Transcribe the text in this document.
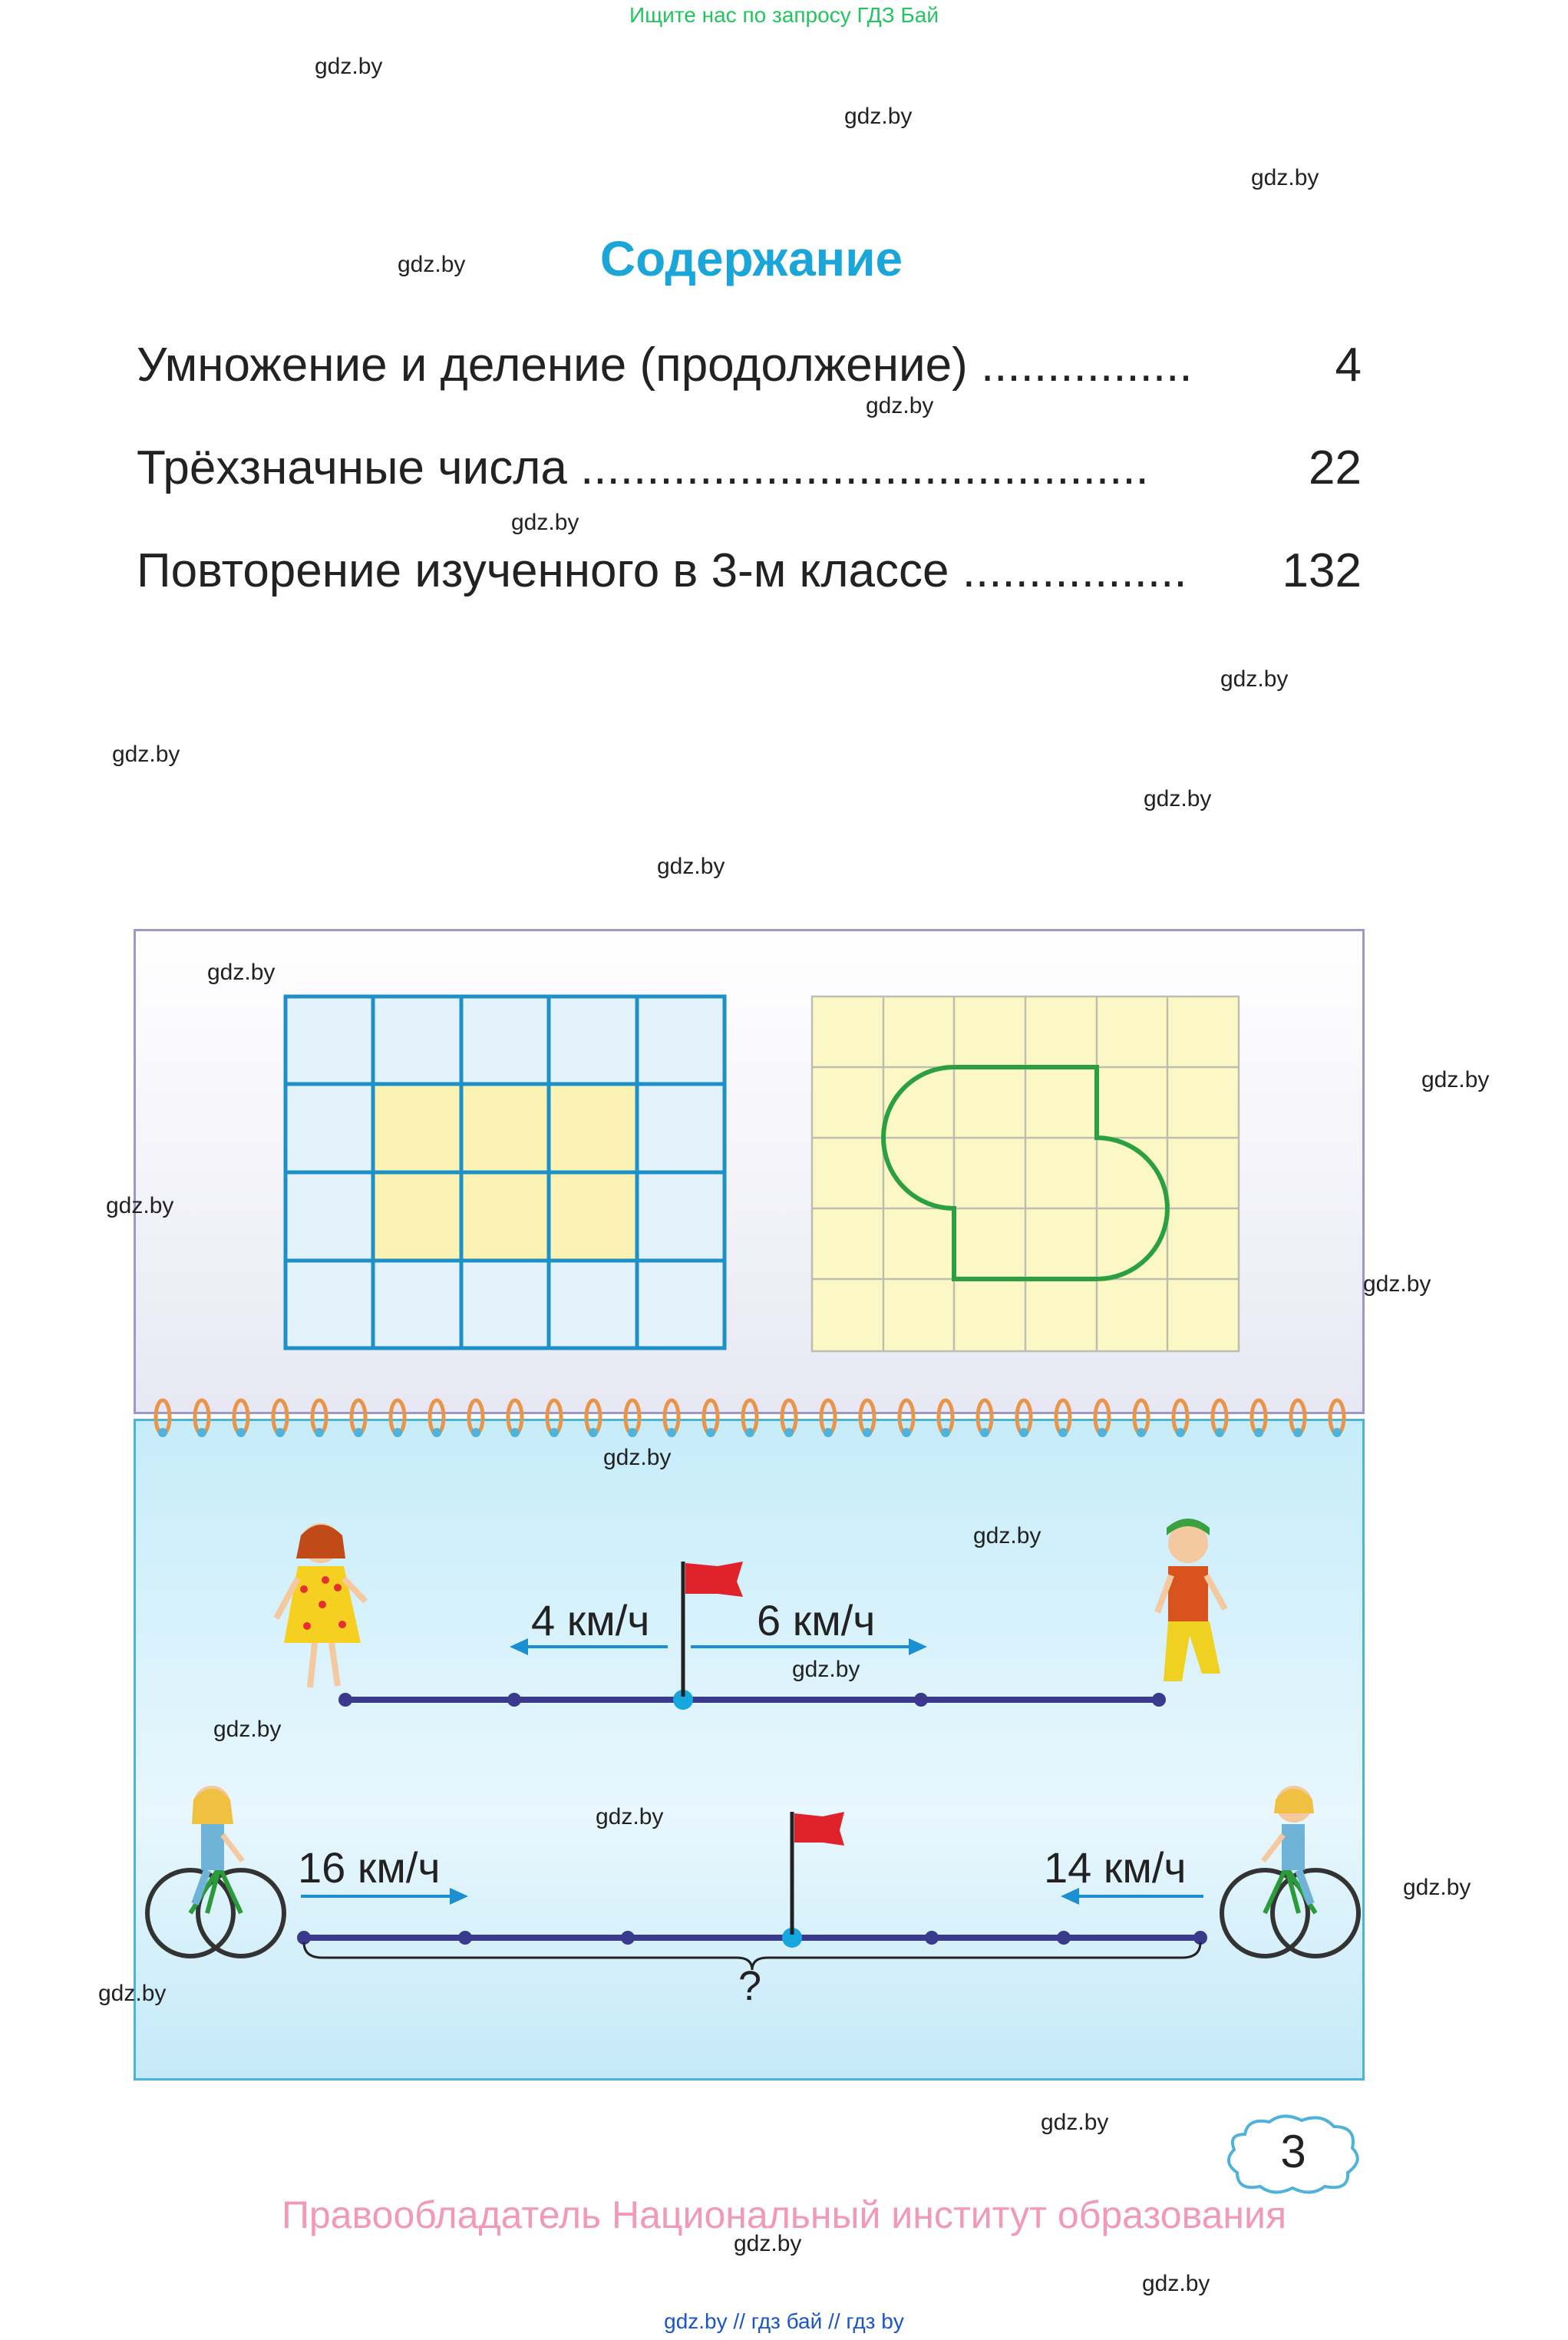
Ищите нас по запросу ГДЗ Бай
gdz.by
gdz.by
gdz.by
gdz.by
gdz.by
gdz.by
gdz.by
gdz.by
gdz.by
gdz.by
Содержание
Умножение и деление (продолжение) ................	4
Трёхзначные числа ...........................................	22
Повторение изученного в 3-м классе ................. 132
4 км/ч 6 км/ч
16 км/ч	14 км/ч
?
gdz.by
gdz.by
gdz.by
gdz.by
gdz.by
gdz.by
gdz.by
gdz.by
gdz.by
gdz.by
gdz.by
gdz.by
gdz.by
gdz.by
3
Правообладатель Национальный институт образования
gdz.by // гдз бай // гдз by
